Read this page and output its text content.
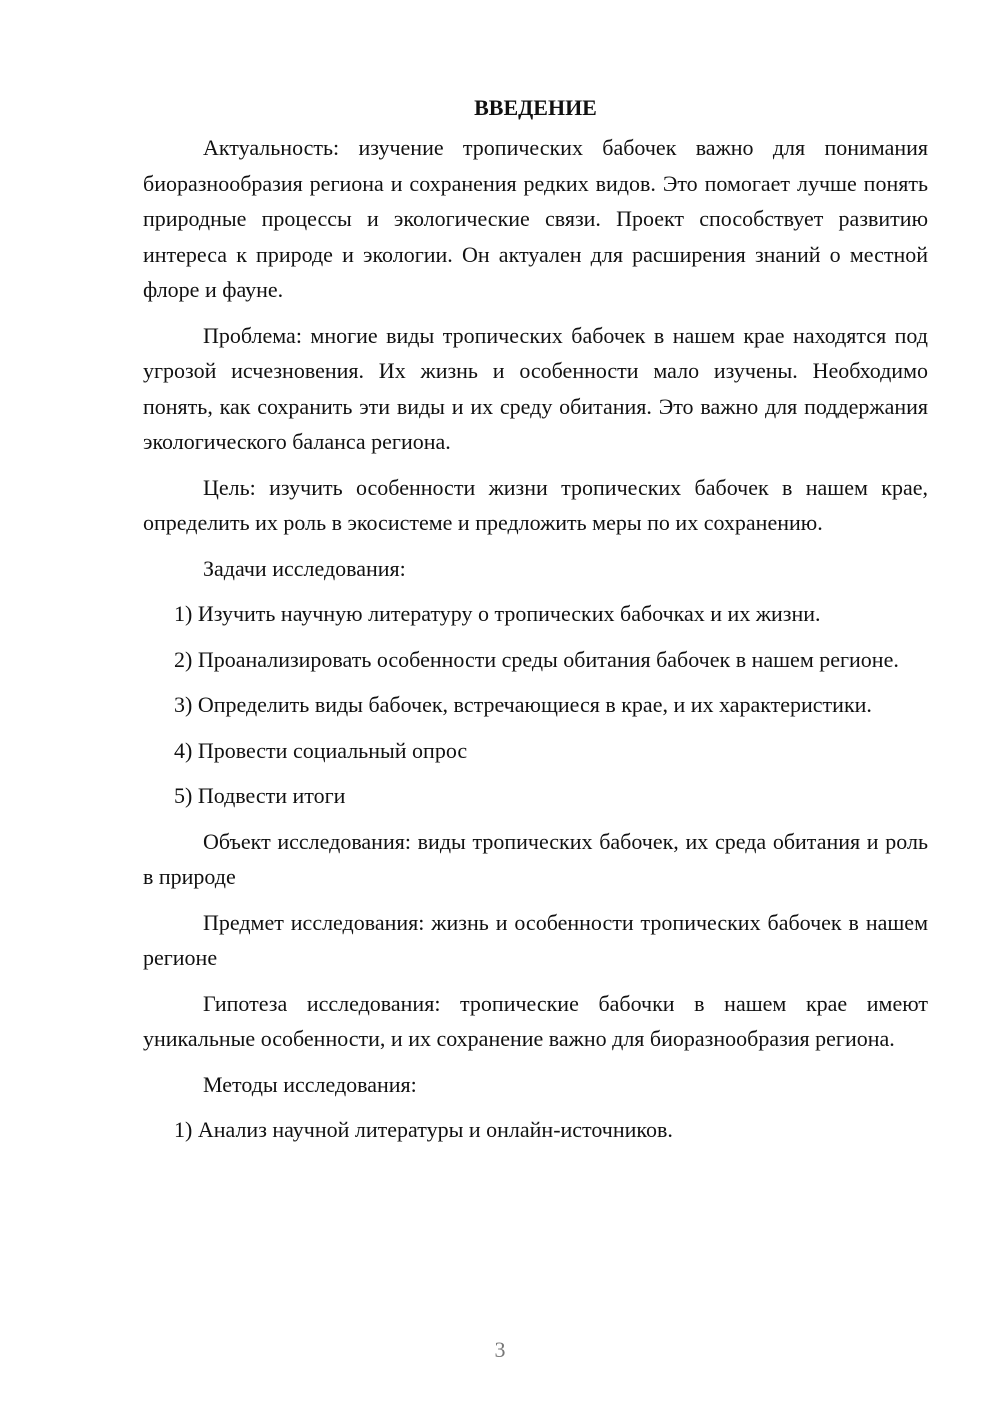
ВВЕДЕНИЕ

Актуальность: изучение тропических бабочек важно для понимания биоразнообразия региона и сохранения редких видов. Это помогает лучше понять природные процессы и экологические связи. Проект способствует развитию интереса к природе и экологии. Он актуален для расширения знаний о местной флоре и фауне.

Проблема: многие виды тропических бабочек в нашем крае находятся под угрозой исчезновения. Их жизнь и особенности мало изучены. Необходимо понять, как сохранить эти виды и их среду обитания. Это важно для поддержания экологического баланса региона.

Цель: изучить особенности жизни тропических бабочек в нашем крае, определить их роль в экосистеме и предложить меры по их сохранению.

Задачи исследования:

1) Изучить научную литературу о тропических бабочках и их жизни.

2) Проанализировать особенности среды обитания бабочек в нашем регионе.

3) Определить виды бабочек, встречающиеся в крае, и их характеристики.

4) Провести социальный опрос

5) Подвести итоги

Объект исследования: виды тропических бабочек, их среда обитания и роль в природе

Предмет исследования: жизнь и особенности тропических бабочек в нашем регионе

Гипотеза исследования: тропические бабочки в нашем крае имеют уникальные особенности, и их сохранение важно для биоразнообразия региона.

Методы исследования:

1) Анализ научной литературы и онлайн-источников.

3
